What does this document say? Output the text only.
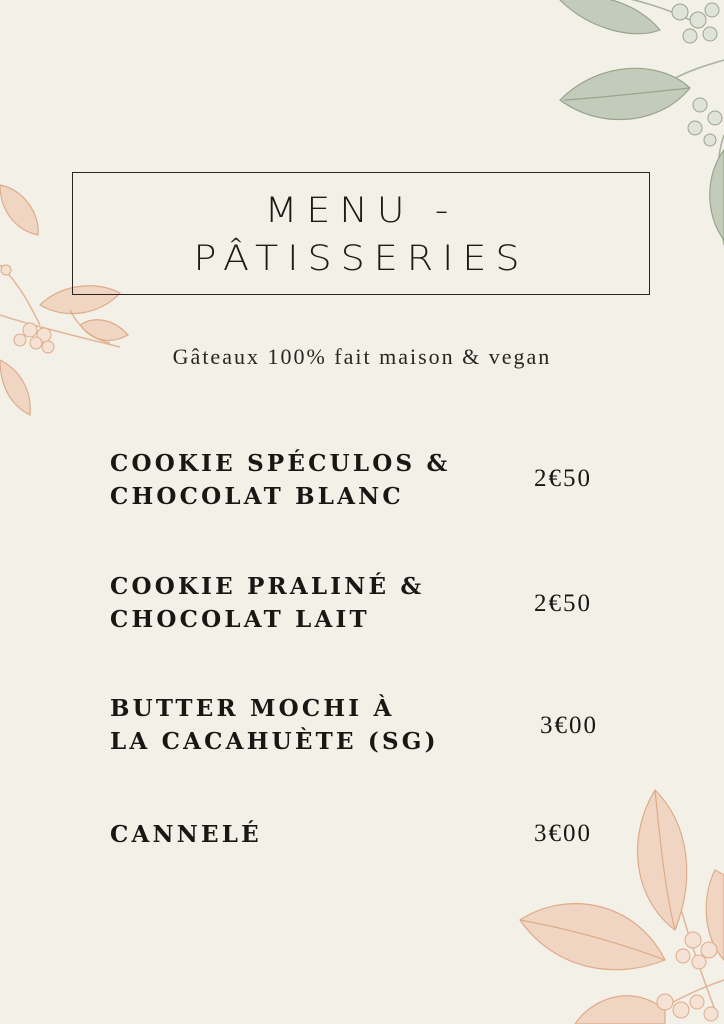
MENU -
PÂTISSERIES
Gâteaux 100% fait maison & vegan
COOKIE SPÉCULOS &
CHOCOLAT BLANC
2€50
COOKIE PRALINÉ &
CHOCOLAT LAIT
2€50
BUTTER MOCHI À
LA CACAHUÈTE (SG)
3€00
CANNELÉ	3€00
